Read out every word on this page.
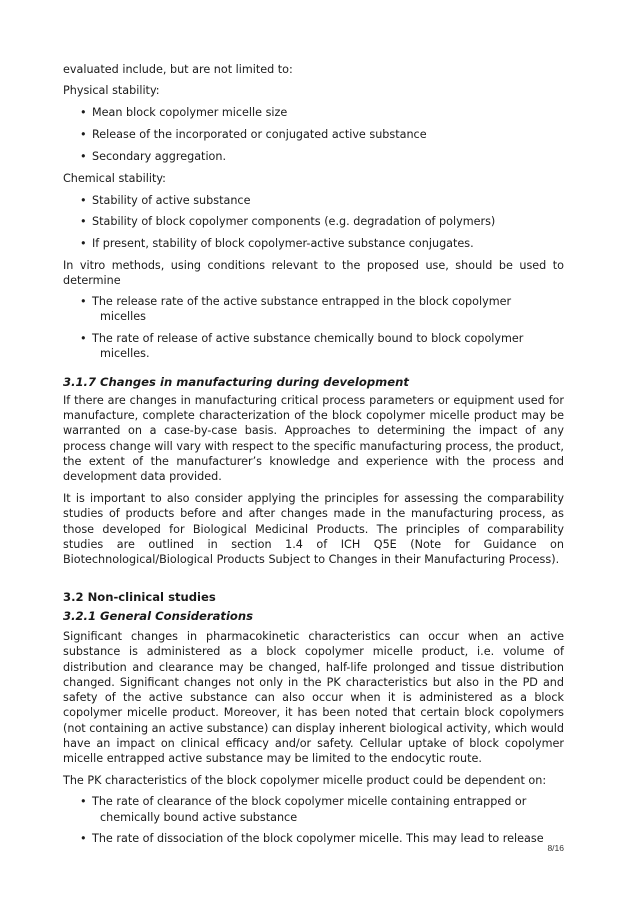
evaluated include, but are not limited to:

Physical stability:

• Mean block copolymer micelle size
• Release of the incorporated or conjugated active substance
• Secondary aggregation.

Chemical stability:

• Stability of active substance
• Stability of block copolymer components (e.g. degradation of polymers)
• If present, stability of block copolymer-active substance conjugates.

In vitro methods, using conditions relevant to the proposed use, should be used to determine

• The release rate of the active substance entrapped in the block copolymer
micelles
• The rate of release of active substance chemically bound to block copolymer
micelles.
3.1.7 Changes in manufacturing during development

If there are changes in manufacturing critical process parameters or equipment used for manufacture, complete characterization of the block copolymer micelle product may be warranted on a case-by-case basis. Approaches to determining the impact of any process change will vary with respect to the specific manufacturing process, the product, the extent of the manufacturer’s knowledge and experience with the process and development data provided.

It is important to also consider applying the principles for assessing the comparability studies of products before and after changes made in the manufacturing process, as those developed for Biological Medicinal Products. The principles of comparability studies are outlined in section 1.4 of ICH Q5E (Note for Guidance on Biotechnological/Biological Products Subject to Changes in their Manufacturing Process).

3.2 Non-clinical studies
3.2.1 General Considerations

Significant changes in pharmacokinetic characteristics can occur when an active substance is administered as a block copolymer micelle product, i.e. volume of distribution and clearance may be changed, half-life prolonged and tissue distribution changed. Significant changes not only in the PK characteristics but also in the PD and safety of the active substance can also occur when it is administered as a block copolymer micelle product. Moreover, it has been noted that certain block copolymers (not containing an active substance) can display inherent biological activity, which would have an impact on clinical efficacy and/or safety. Cellular uptake of block copolymer micelle entrapped active substance may be limited to the endocytic route.

The PK characteristics of the block copolymer micelle product could be dependent on:

• The rate of clearance of the block copolymer micelle containing entrapped or
chemically bound active substance
• The rate of dissociation of the block copolymer micelle. This may lead to release
8/16
